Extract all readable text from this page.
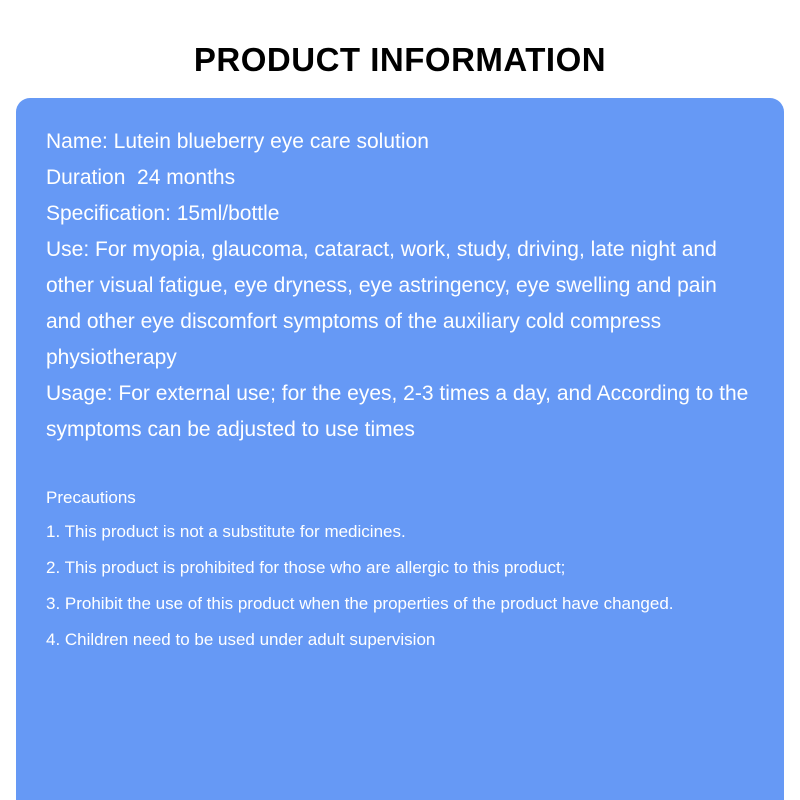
PRODUCT INFORMATION
Name: Lutein blueberry eye care solution
Duration  24 months
Specification: 15ml/bottle
Use: For myopia, glaucoma, cataract, work, study, driving, late night and other visual fatigue, eye dryness, eye astringency, eye swelling and pain and other eye discomfort symptoms of the auxiliary cold compress physiotherapy
Usage: For external use; for the eyes, 2-3 times a day, and According to the symptoms can be adjusted to use times
Precautions
1. This product is not a substitute for medicines.
2. This product is prohibited for those who are allergic to this product;
3. Prohibit the use of this product when the properties of the product have changed.
4. Children need to be used under adult supervision
